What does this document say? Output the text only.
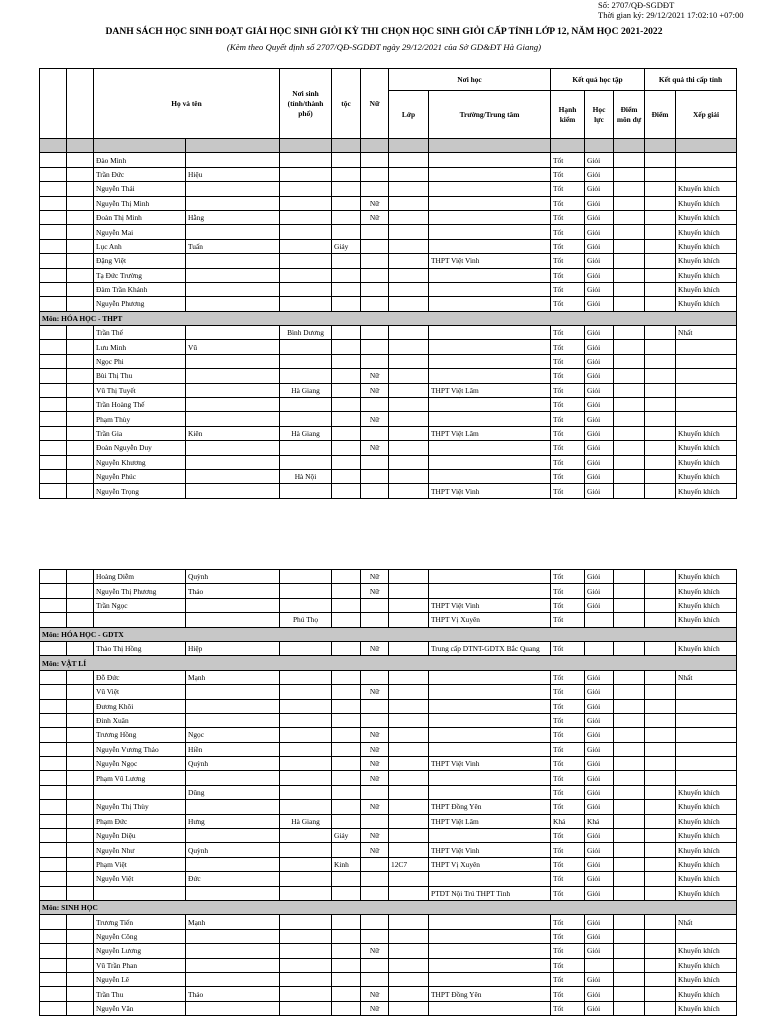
Số: 2707/QĐ-SGDĐT
Thời gian ký: 29/12/2021 17:02:10 +07:00
DANH SÁCH HỌC SINH ĐOẠT GIẢI HỌC SINH GIỎI KỲ THI CHỌN HỌC SINH GIỎI CẤP TỈNH LỚP 12, NĂM HỌC 2021-2022
(Kèm theo Quyết định số 2707/QĐ-SGDĐT ngày 29/12/2021 của Sở GD&ĐT Hà Giang)
		Họ và tên		Nơi sinh (tỉnh/thành phố)	tộc	Nữ	Nơi học		Kết quả học tập			Kết quả thi cấp tỉnh	
							Lớp	Trường/Trung tâm	Hạnh kiểm	Học lực	Điểm môn dự	Điểm	Xếp giải

		Đào Minh							Tốt	Giỏi			
		Trần Đức	Hiệu						Tốt	Giỏi			
		Nguyễn Thái							Tốt	Giỏi			Khuyến khích
		Nguyễn Thị Minh				Nữ			Tốt	Giỏi			Khuyến khích
		Đoàn Thị Minh	Hằng			Nữ			Tốt	Giỏi			Khuyến khích
		Nguyễn Mai							Tốt	Giỏi			Khuyến khích
		Lục Anh	Tuấn		Giáy				Tốt	Giỏi			Khuyến khích
		Đặng Việt						THPT Việt Vinh	Tốt	Giỏi			Khuyến khích
		Tạ Đức Trường							Tốt	Giỏi			Khuyến khích
		Đàm Trần Khánh							Tốt	Giỏi			Khuyến khích
		Nguyễn Phương							Tốt	Giỏi			Khuyến khích
Môn: HÓA HỌC - THPT													
		Trần Thế		Bình Dương					Tốt	Giỏi			Nhất
		Lưu Minh	Vũ						Tốt	Giỏi			
		Ngọc Phi							Tốt	Giỏi			
		Bùi Thị Thu				Nữ			Tốt	Giỏi			
		Vũ Thị Tuyết		Hà Giang		Nữ		THPT Việt Lâm	Tốt	Giỏi			
		Trần Hoàng Thế							Tốt	Giỏi			
		Phạm Thùy				Nữ			Tốt	Giỏi			
		Trần Gia	Kiên	Hà Giang				THPT Việt Lâm	Tốt	Giỏi			Khuyến khích
		Đoàn Nguyễn Duy				Nữ			Tốt	Giỏi			Khuyến khích
		Nguyễn Khương							Tốt	Giỏi			Khuyến khích
		Nguyễn Phúc		Hà Nội					Tốt	Giỏi			Khuyến khích
		Nguyễn Trọng						THPT Việt Vinh	Tốt	Giỏi			Khuyến khích
		Hoàng Diễm	Quỳnh			Nữ			Tốt	Giỏi			Khuyến khích
		Nguyễn Thị Phương	Thảo			Nữ			Tốt	Giỏi			Khuyến khích
		Trần Ngọc						THPT Việt Vinh	Tốt	Giỏi			Khuyến khích
				Phú Thọ				THPT Vị Xuyên	Tốt				Khuyến khích
Môn: HÓA HỌC - GDTX													
		Thào Thị Hồng	Hiệp			Nữ		Trung cấp DTNT-GDTX Bắc Quang	Tốt				Khuyến khích
Môn: VẬT LÍ													
		Đỗ Đức	Mạnh						Tốt	Giỏi			Nhất
		Vũ Việt				Nữ			Tốt	Giỏi			
		Đương Khôi							Tốt	Giỏi			
		Đinh Xuân							Tốt	Giỏi			
		Trương Hồng	Ngọc			Nữ			Tốt	Giỏi			
		Nguyễn Vương Thảo	Hiền			Nữ			Tốt	Giỏi			
		Nguyễn Ngọc	Quỳnh			Nữ		THPT Việt Vinh	Tốt	Giỏi			
		Phạm Vũ Lương				Nữ			Tốt	Giỏi			
			Dũng						Tốt	Giỏi			Khuyến khích
		Nguyễn Thị Thùy				Nữ		THPT Đồng Yên	Tốt	Giỏi			Khuyến khích
		Phạm Đức	Hưng	Hà Giang				THPT Việt Lâm	Khá	Khá			Khuyến khích
		Nguyễn Diệu			Giáy	Nữ			Tốt	Giỏi			Khuyến khích
		Nguyễn Như	Quỳnh			Nữ		THPT Việt Vinh	Tốt	Giỏi			Khuyến khích
		Phạm Việt			Kinh		12C7	THPT Vị Xuyên	Tốt	Giỏi			Khuyến khích
		Nguyễn Việt	Đức						Tốt	Giỏi			Khuyến khích
								PTDT Nội Trú THPT Tỉnh	Tốt	Giỏi			Khuyến khích
Môn: SINH HỌC													
		Trương Tiến	Mạnh						Tốt	Giỏi			Nhất
		Nguyễn Công							Tốt	Giỏi			
		Nguyễn Lương				Nữ			Tốt	Giỏi			Khuyến khích
		Vũ Trần Phan							Tốt				Khuyến khích
		Nguyễn Lê							Tốt	Giỏi			Khuyến khích
		Trần Thu	Thảo			Nữ		THPT Đồng Yên	Tốt	Giỏi			Khuyến khích
		Nguyễn Văn				Nữ			Tốt	Giỏi			Khuyến khích
